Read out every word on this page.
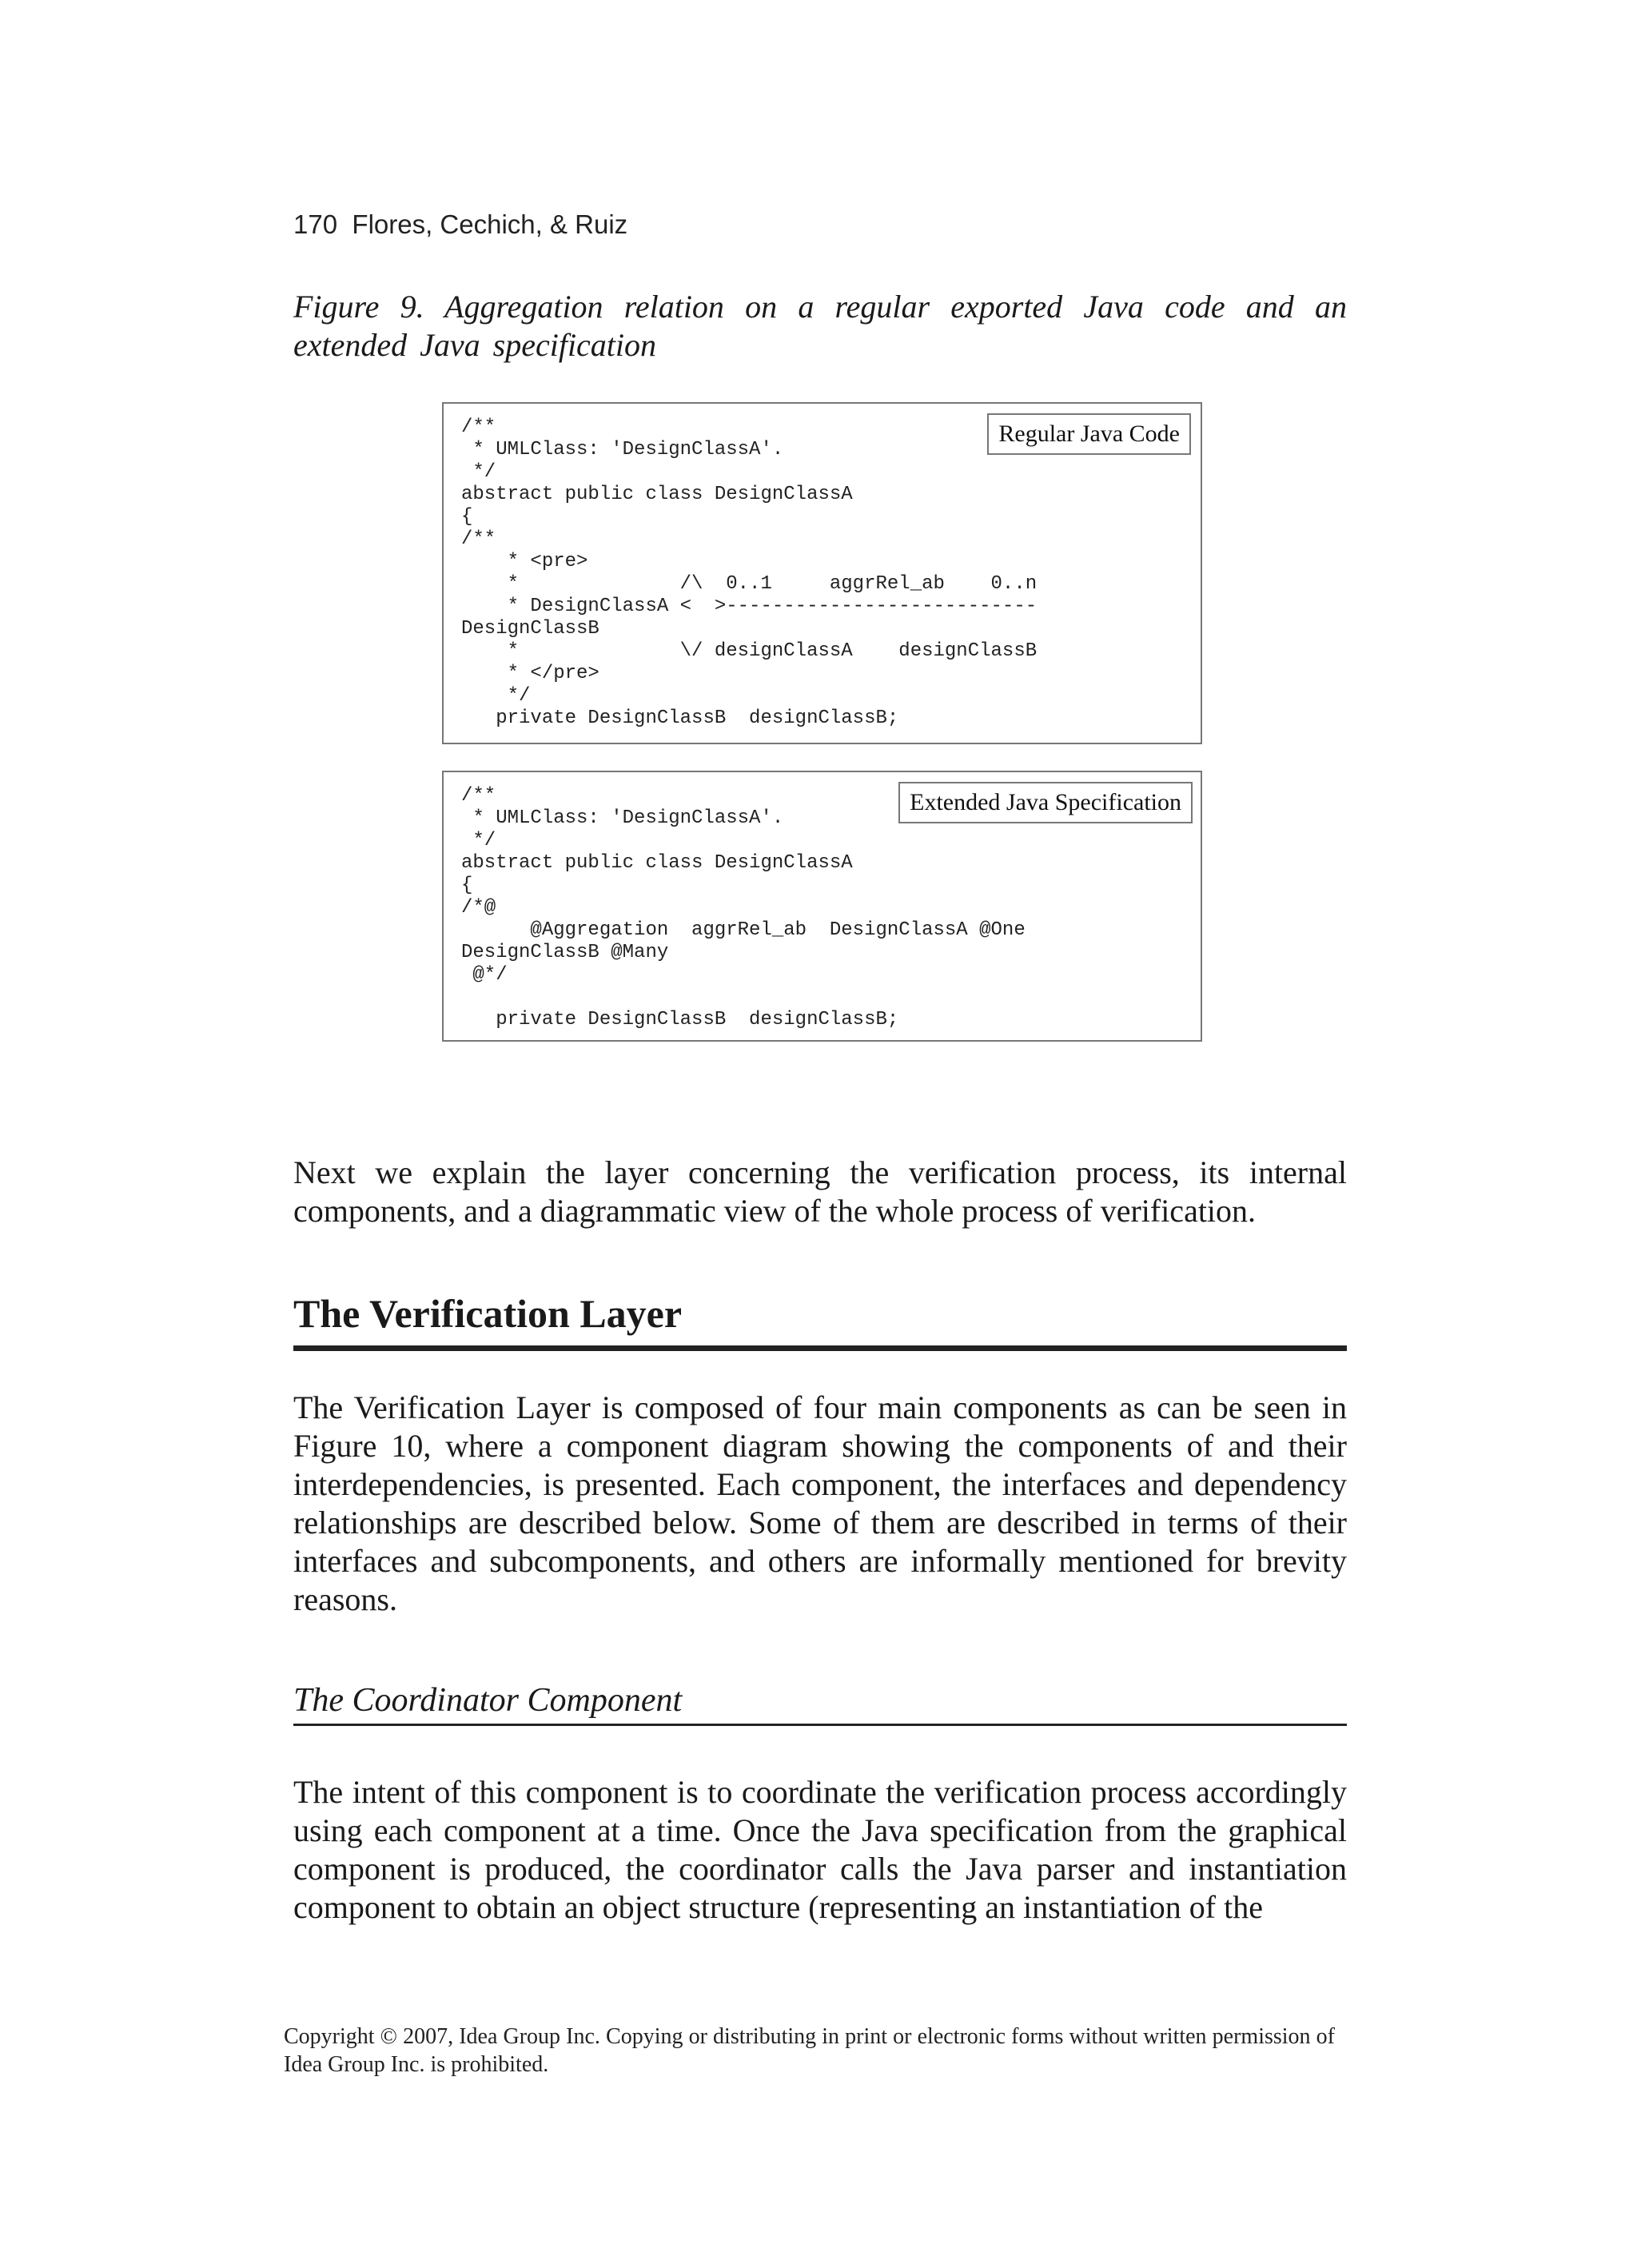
170 Flores, Cechich, & Ruiz
Figure 9. Aggregation relation on a regular exported Java code and an extended Java specification
Regular Java Code
/**
* UMLClass: 'DesignClassA'.
*/
abstract public class DesignClassA
{
/**
* <pre>
*              /\  0..1     aggrRel_ab    0..n
* DesignClassA <  >---------------------------
DesignClassB
*              \/ designClassA    designClassB
* </pre>
*/
private DesignClassB  designClassB;
Extended Java Specification
/**
* UMLClass: 'DesignClassA'.
*/
abstract public class DesignClassA
{
/*@
@Aggregation  aggrRel_ab  DesignClassA @One
DesignClassB @Many
@*/
private DesignClassB  designClassB;

Next we explain the layer concerning the verification process, its internal components, and a diagrammatic view of the whole process of verification.

The Verification Layer

The Verification Layer is composed of four main components as can be seen in Figure 10, where a component diagram showing the components of and their interdependencies, is presented. Each component, the interfaces and dependency relationships are described below. Some of them are described in terms of their interfaces and subcomponents, and others are informally mentioned for brevity reasons.

The Coordinator Component

The intent of this component is to coordinate the verification process accordingly using each component at a time. Once the Java specification from the graphical component is produced, the coordinator calls the Java parser and instantiation component to obtain an object structure (representing an instantiation of the

Copyright © 2007, Idea Group Inc. Copying or distributing in print or electronic forms without written permission of Idea Group Inc. is prohibited.
